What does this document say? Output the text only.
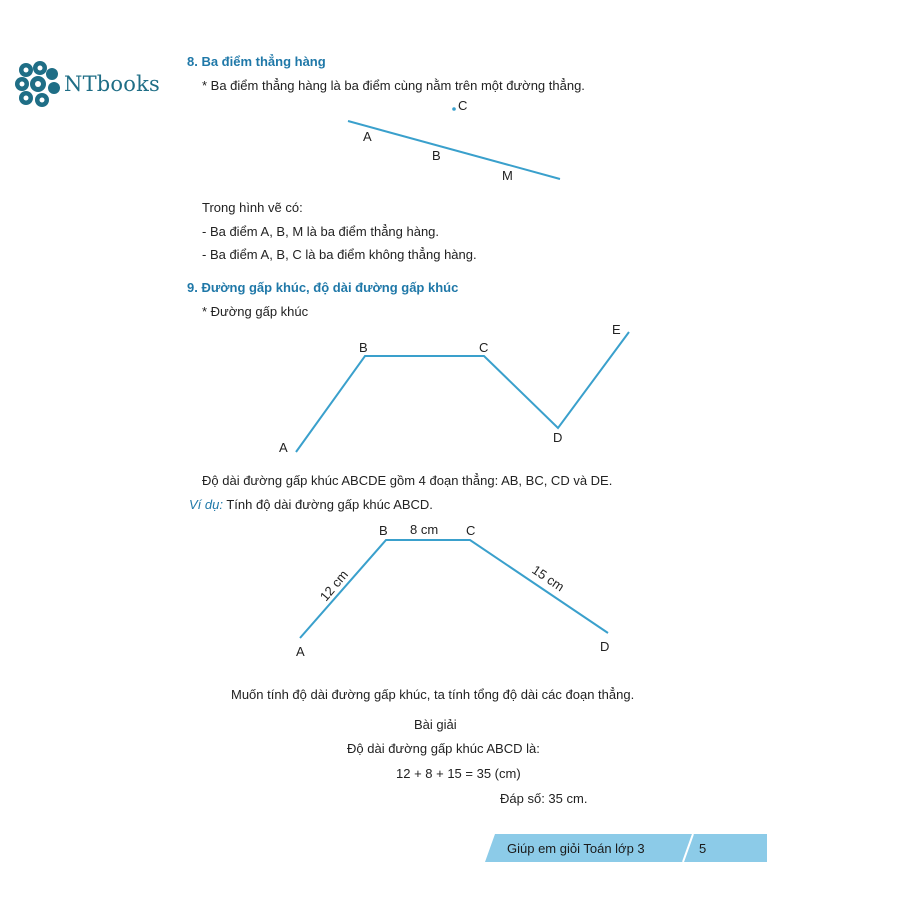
NTbooks
8. Ba điểm thẳng hàng
* Ba điểm thẳng hàng là ba điểm cùng nằm trên một đường thẳng.
A
B
M
C
Trong hình vẽ có:
- Ba điểm A, B, M là ba điểm thẳng hàng.
- Ba điểm A, B, C là ba điểm không thẳng hàng.
9. Đường gấp khúc, độ dài đường gấp khúc
* Đường gấp khúc
A
B	C
D
E
Độ dài đường gấp khúc ABCDE gồm 4 đoạn thẳng: AB, BC, CD và DE.
Ví dụ: Tính độ dài đường gấp khúc ABCD.
A
B	C
D
8 cm
12 cm	15 cm
Muốn tính độ dài đường gấp khúc, ta tính tổng độ dài các đoạn thẳng.
Bài giải
Độ dài đường gấp khúc ABCD là:
12 + 8 + 15 = 35 (cm)
Đáp số: 35 cm.
Giúp em giỏi Toán lớp 3	5
